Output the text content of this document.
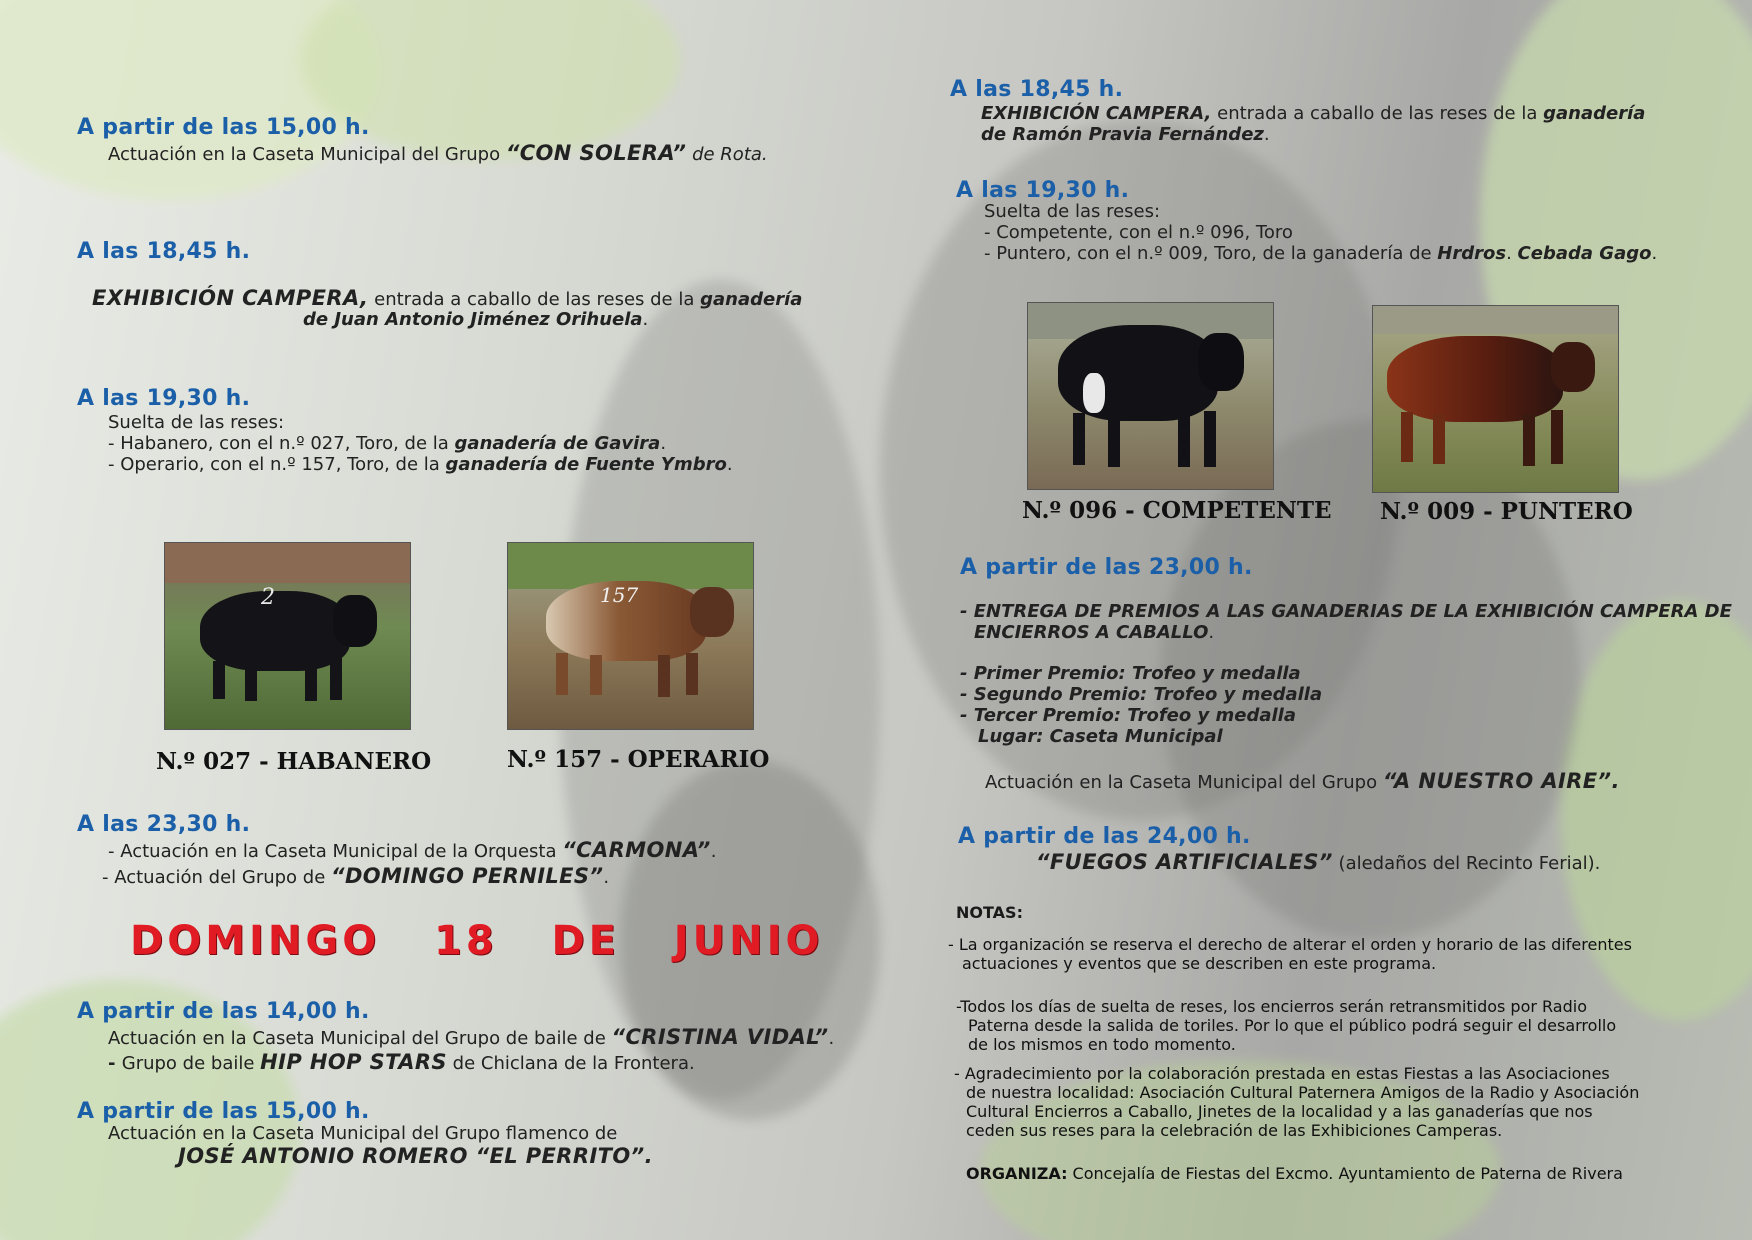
A partir de las 15,00 h.
Actuación en la Caseta Municipal del Grupo “CON SOLERA” de Rota.
A las 18,45 h.
EXHIBICIÓN CAMPERA, entrada a caballo de las reses de la ganadería
de Juan Antonio Jiménez Orihuela.
A las 19,30 h.
Suelta de las reses:
- Habanero, con el n.º 027, Toro, de la ganadería de Gavira.
- Operario, con el n.º 157, Toro, de la ganadería de Fuente Ymbro.
2
N.º 027 - HABANERO
157
N.º 157 - OPERARIO
A las 23,30 h.
- Actuación en la Caseta Municipal de la Orquesta “CARMONA”.
- Actuación del Grupo de “DOMINGO PERNILES”.
DOMINGO 18 DE JUNIO
A partir de las 14,00 h.
Actuación en la Caseta Municipal del Grupo de baile de “CRISTINA VIDAL”.
- Grupo de baile HIP HOP STARS de Chiclana de la Frontera.
A partir de las 15,00 h.
Actuación en la Caseta Municipal del Grupo flamenco de
JOSÉ ANTONIO ROMERO “EL PERRITO”.
A las 18,45 h.
EXHIBICIÓN CAMPERA, entrada a caballo de las reses de la ganadería
de Ramón Pravia Fernández.
A las 19,30 h.
Suelta de las reses:
- Competente, con el n.º 096, Toro
- Puntero, con el n.º 009, Toro, de la ganadería de Hrdros. Cebada Gago.
N.º 096 - COMPETENTE N.º 009 - PUNTERO
A partir de las 23,00 h.
- ENTREGA DE PREMIOS A LAS GANADERIAS DE LA EXHIBICIÓN CAMPERA DE
ENCIERROS A CABALLO.
- Primer Premio: Trofeo y medalla
- Segundo Premio: Trofeo y medalla
- Tercer Premio: Trofeo y medalla
Lugar: Caseta Municipal
Actuación en la Caseta Municipal del Grupo “A NUESTRO AIRE”.
A partir de las 24,00 h.
“FUEGOS ARTIFICIALES” (aledaños del Recinto Ferial).
NOTAS:
- La organización se reserva el derecho de alterar el orden y horario de las diferentes
actuaciones y eventos que se describen en este programa.
-Todos los días de suelta de reses, los encierros serán retransmitidos por Radio
Paterna desde la salida de toriles. Por lo que el público podrá seguir el desarrollo
de los mismos en todo momento.
- Agradecimiento por la colaboración prestada en estas Fiestas a las Asociaciones
de nuestra localidad: Asociación Cultural Paternera Amigos de la Radio y Asociación
Cultural Encierros a Caballo, Jinetes de la localidad y a las ganaderías que nos
ceden sus reses para la celebración de las Exhibiciones Camperas.
ORGANIZA: Concejalía de Fiestas del Excmo. Ayuntamiento de Paterna de Rivera
